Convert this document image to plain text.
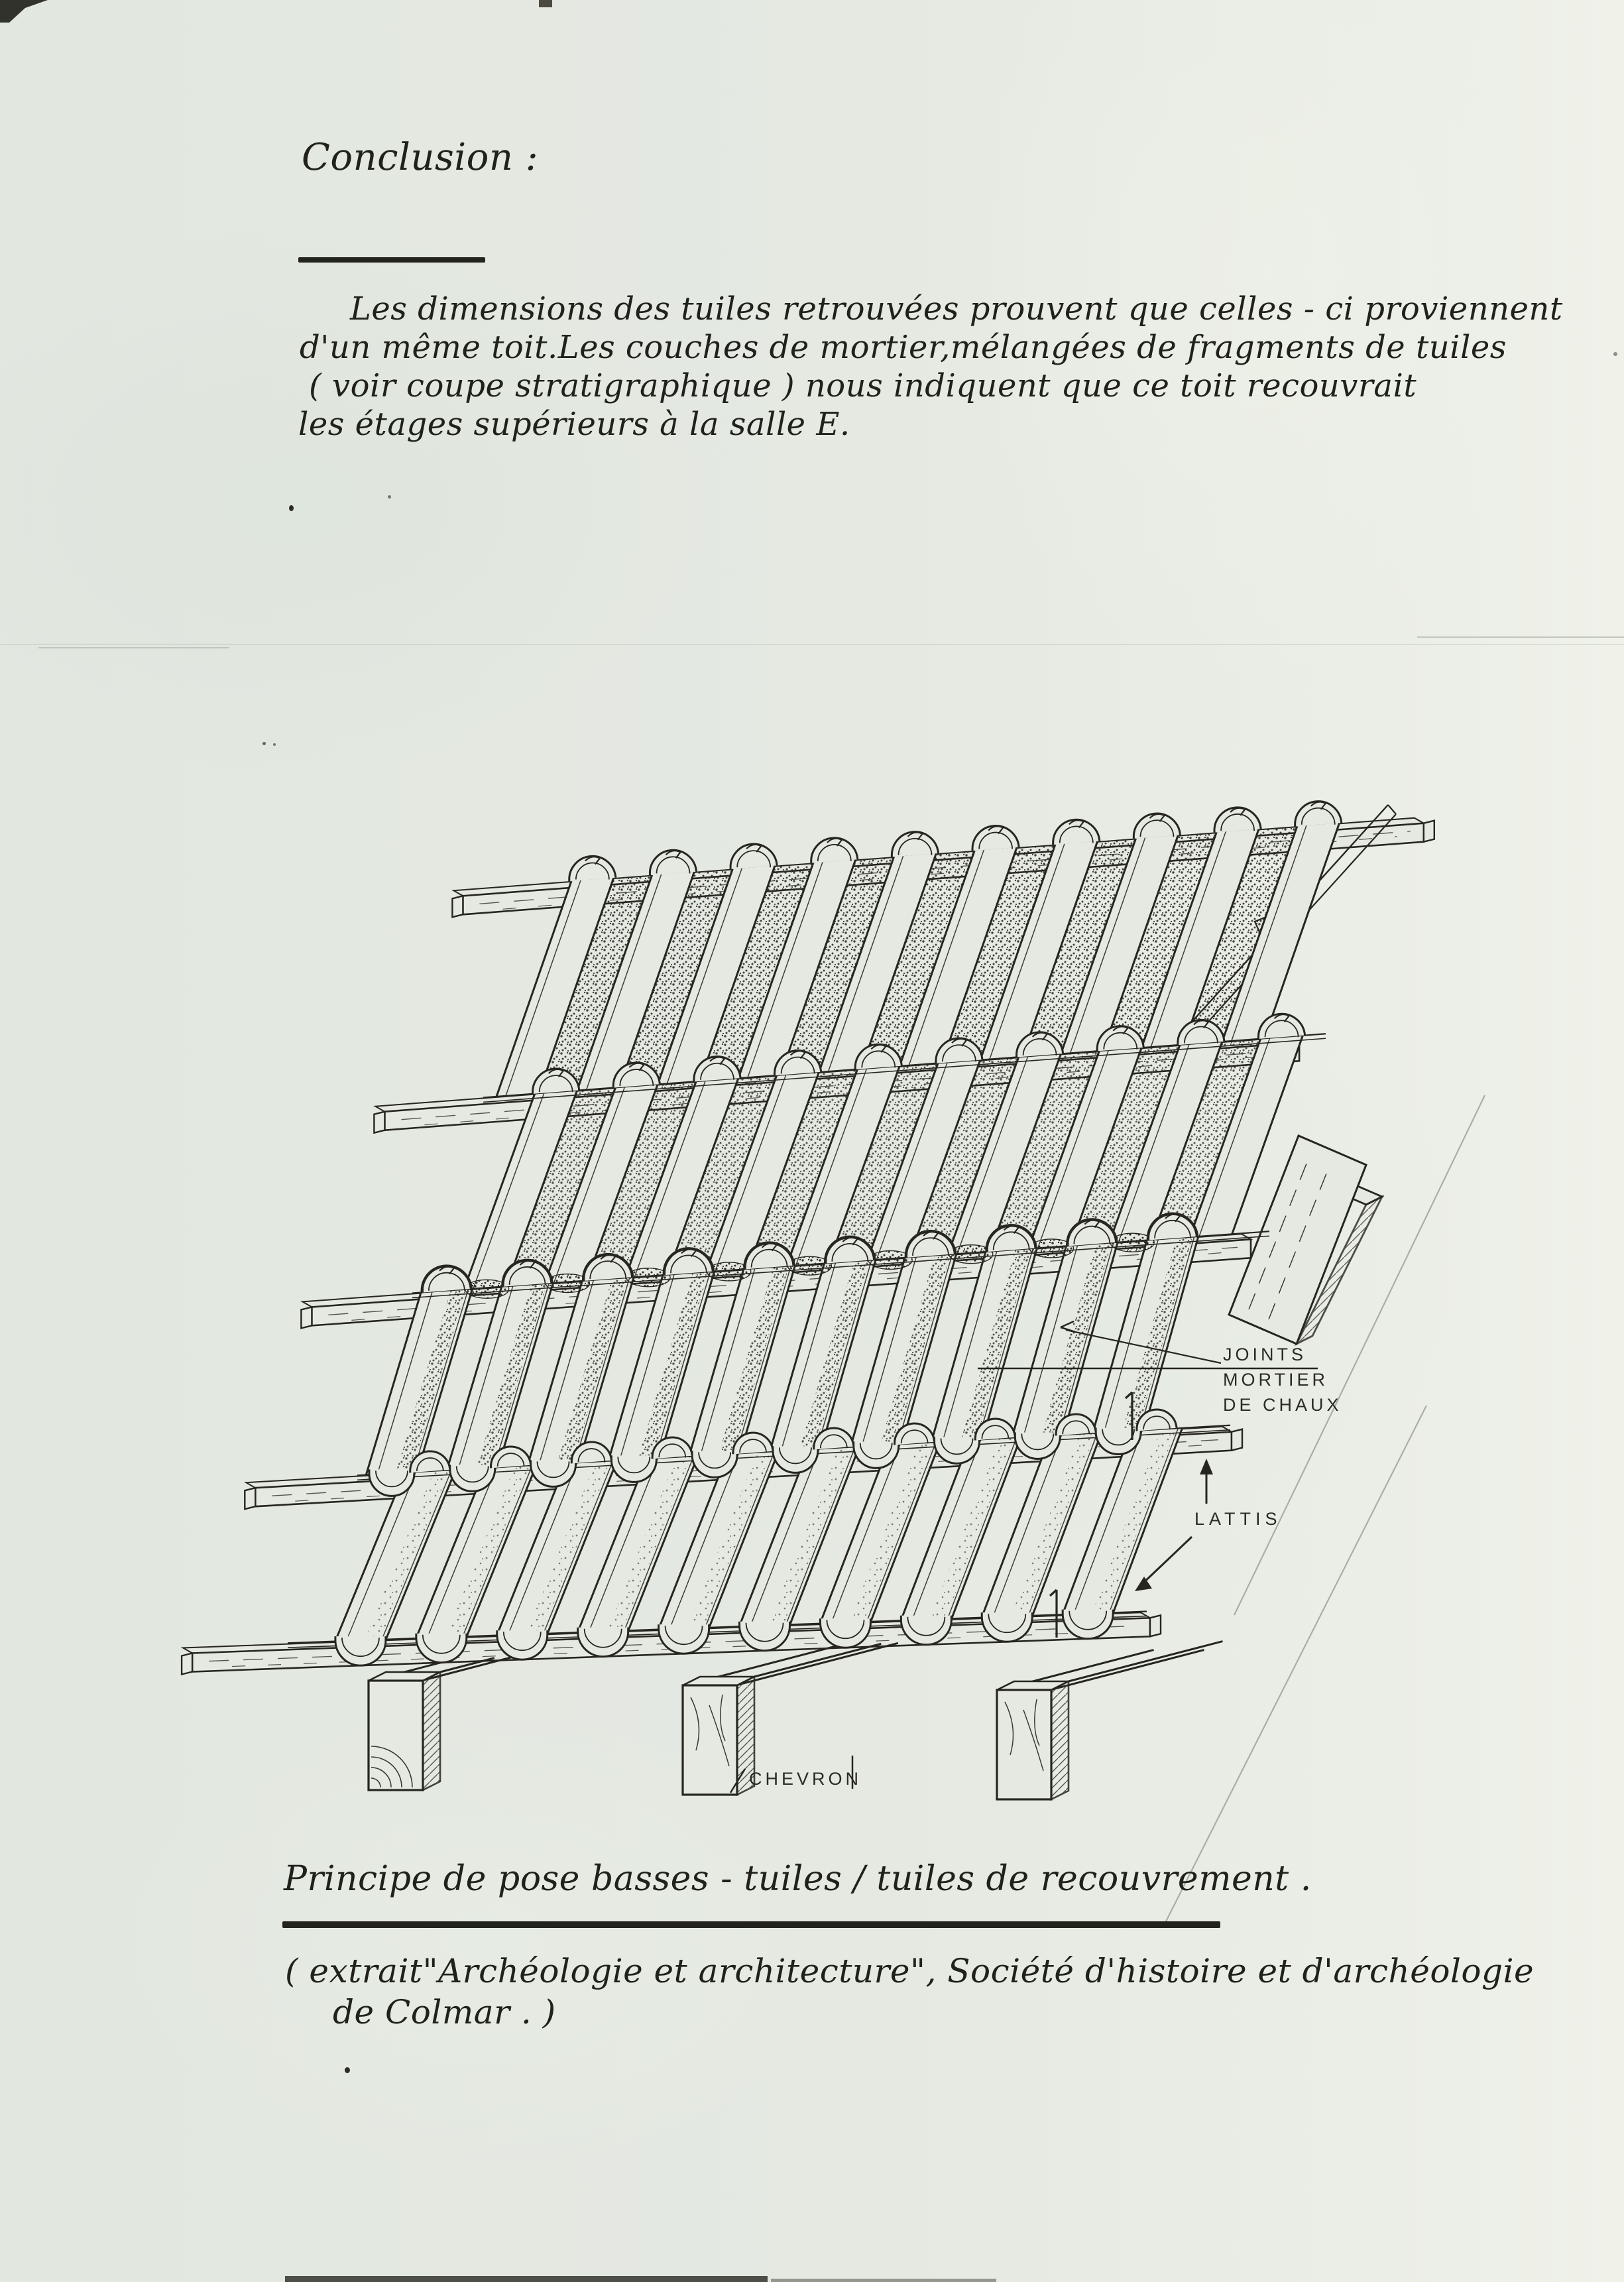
Conclusion :
Les dimensions des tuiles retrouvées prouvent que celles - ci proviennent
d'un même toit.Les couches de mortier,mélangées de fragments de tuiles
( voir coupe stratigraphique ) nous indiquent que ce toit recouvrait
les étages supérieurs à la salle E.
JOINTS
MORTIER
DE CHAUX
LATTIS
CHEVRON
Principe de pose basses - tuiles / tuiles de recouvrement .
( extrait"Archéologie et architecture", Société d'histoire et d'archéologie
de Colmar . )
